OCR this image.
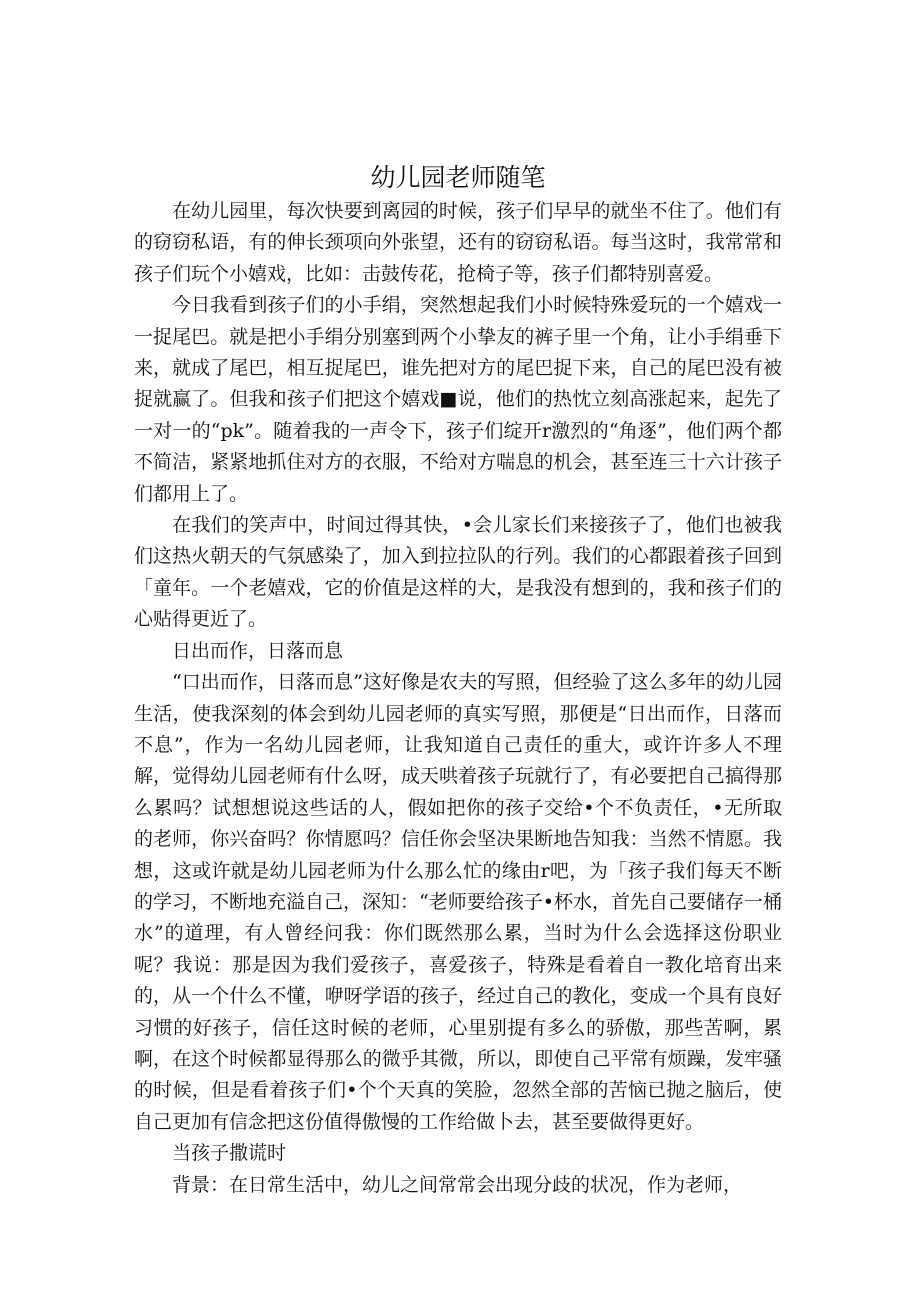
幼儿园老师随笔

在幼儿园里，每次快要到离园的时候，孩子们早早的就坐不住了。他们有的窃窃私语，有的伸长颈项向外张望，还有的窃窃私语。每当这时，我常常和孩子们玩个小嬉戏，比如：击鼓传花，抢椅子等，孩子们都特别喜爱。

今日我看到孩子们的小手绢，突然想起我们小时候特殊爱玩的一个嬉戏一一捉尾巴。就是把小手绢分别塞到两个小挚友的裤子里一个角，让小手绢垂下来，就成了尾巴，相互捉尾巴，谁先把对方的尾巴捉下来，自己的尾巴没有被捉就赢了。但我和孩子们把这个嬉戏■说，他们的热忱立刻高涨起来，起先了一对一的“pk”。随着我的一声令下，孩子们绽开r激烈的“角逐”，他们两个都不简洁，紧紧地抓住对方的衣服，不给对方喘息的机会，甚至连三十六计孩子们都用上了。

在我们的笑声中，时间过得其快，•会儿家长们来接孩子了，他们也被我们这热火朝天的气氛感染了，加入到拉拉队的行列。我们的心都跟着孩子回到「童年。一个老嬉戏，它的价值是这样的大，是我没有想到的，我和孩子们的心贴得更近了。

日出而作，日落而息

“口出而作，日落而息”这好像是农夫的写照，但经验了这么多年的幼儿园生活，使我深刻的体会到幼儿园老师的真实写照，那便是“日出而作，日落而不息”，作为一名幼儿园老师，让我知道自己责任的重大，或许许多人不理解，觉得幼儿园老师有什么呀，成天哄着孩子玩就行了，有必要把自己搞得那么累吗？试想想说这些话的人，假如把你的孩子交给•个不负责任，•无所取的老师，你兴奋吗？你情愿吗？信任你会坚决果断地告知我：当然不情愿。我想，这或许就是幼儿园老师为什么那么忙的缘由r吧，为「孩子我们每天不断的学习，不断地充溢自己，深知：“老师要给孩子•杯水，首先自己要储存一桶水”的道理，有人曾经问我：你们既然那么累，当时为什么会选择这份职业呢？我说：那是因为我们爱孩子，喜爱孩子，特殊是看着自一教化培育出来的，从一个什么不懂，咿呀学语的孩子，经过自己的教化，变成一个具有良好习惯的好孩子，信任这时候的老师，心里别提有多么的骄傲，那些苦啊，累啊，在这个时候都显得那么的微乎其微，所以，即使自己平常有烦躁，发牢骚的时候，但是看着孩子们•个个天真的笑脸，忽然全部的苦恼已抛之脑后，使自己更加有信念把这份值得傲慢的工作给做卜去，甚至要做得更好。

当孩子撒谎时

背景：在日常生活中，幼儿之间常常会出现分歧的状况，作为老师，
